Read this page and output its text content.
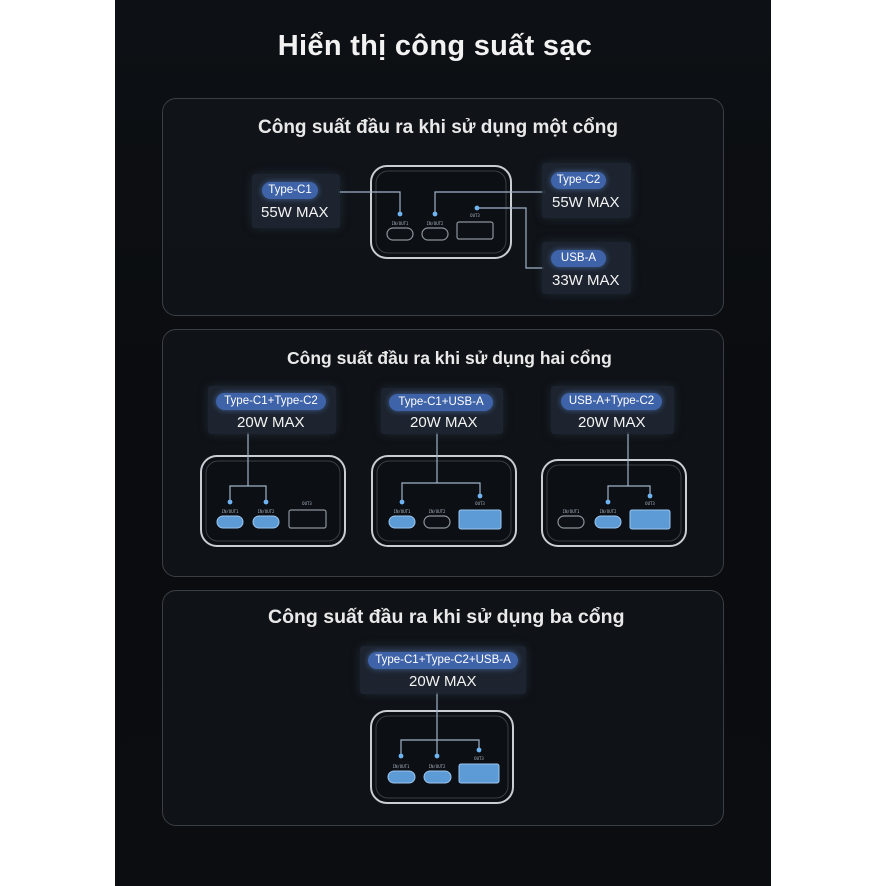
Hiển thị công suất sạc
Công suất đầu ra khi sử dụng một cổng
IN/OUT1	IN/OUT2
OUT3
Type-C1
55W MAX
Type-C2
55W MAX
USB-A
33W MAX
Công suất đầu ra khi sử dụng hai cổng
IN/OUT1	IN/OUT2
OUT3
IN/OUT1	IN/OUT2
OUT3
IN/OUT1	IN/OUT2
OUT3
Type-C1+Type-C2
20W MAX
Type-C1+USB-A
20W MAX
USB-A+Type-C2
20W MAX
Công suất đầu ra khi sử dụng ba cổng
IN/OUT1	IN/OUT2
OUT3
Type-C1+Type-C2+USB-A
20W MAX
